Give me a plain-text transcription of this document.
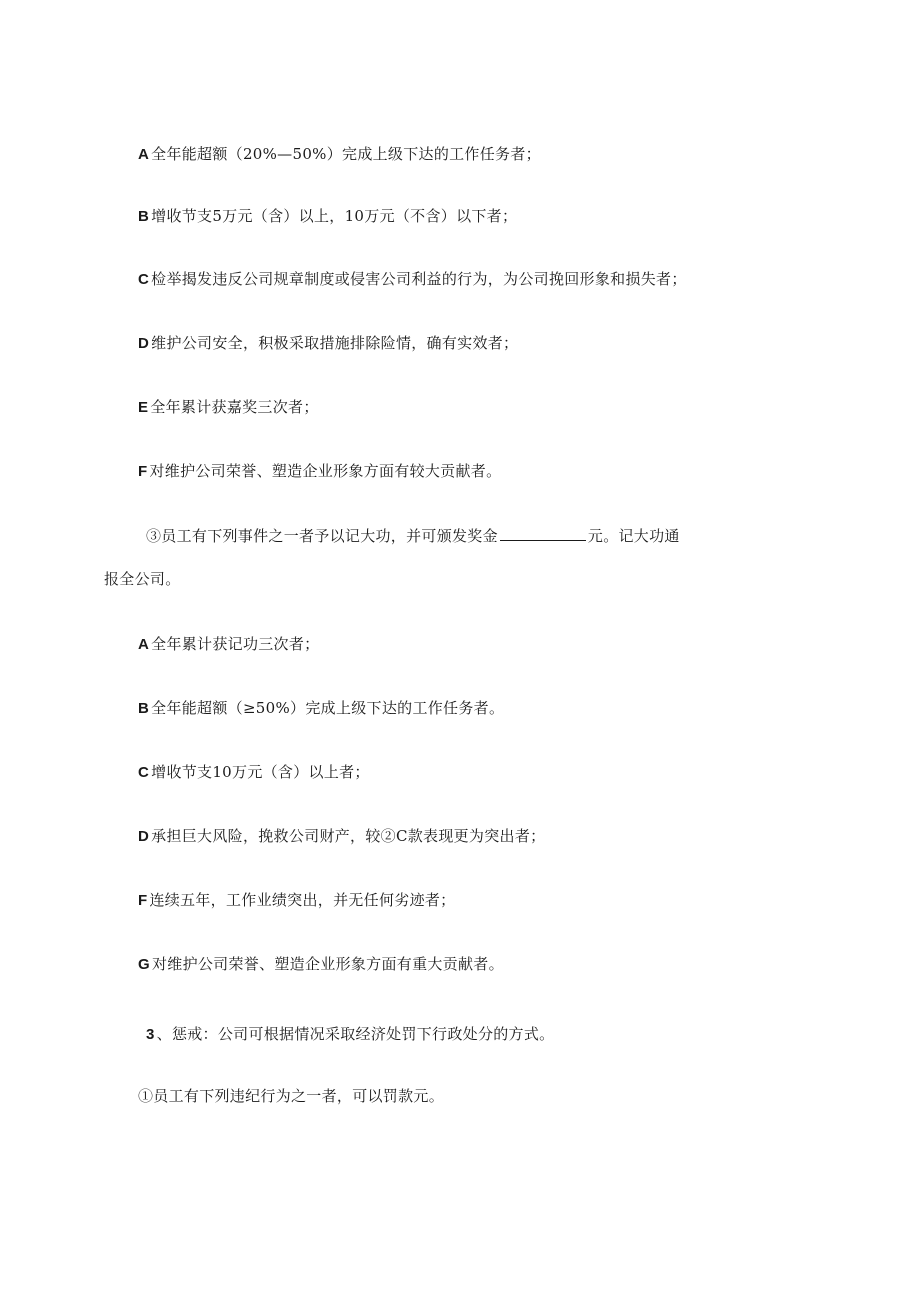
A 全年能超额（20%—50%）完成上级下达的工作任务者；
B 增收节支5万元（含）以上，10万元（不含）以下者；
C 检举揭发违反公司规章制度或侵害公司利益的行为，为公司挽回形象和损失者；
D 维护公司安全，积极采取措施排除险情，确有实效者；
E 全年累计获嘉奖三次者；
F 对维护公司荣誉、塑造企业形象方面有较大贡献者。
③员工有下列事件之一者予以记大功，并可颁发奖金	元。记大功通
报全公司。
A 全年累计获记功三次者；
B 全年能超额（≥50%）完成上级下达的工作任务者。
C 增收节支10万元（含）以上者；
D 承担巨大风险，挽救公司财产，较②C款表现更为突出者；
F 连续五年，工作业绩突出，并无任何劣迹者；
G 对维护公司荣誉、塑造企业形象方面有重大贡献者。
3 、惩戒：公司可根据情况采取经济处罚下行政处分的方式。
①员工有下列违纪行为之一者，可以罚款元。
